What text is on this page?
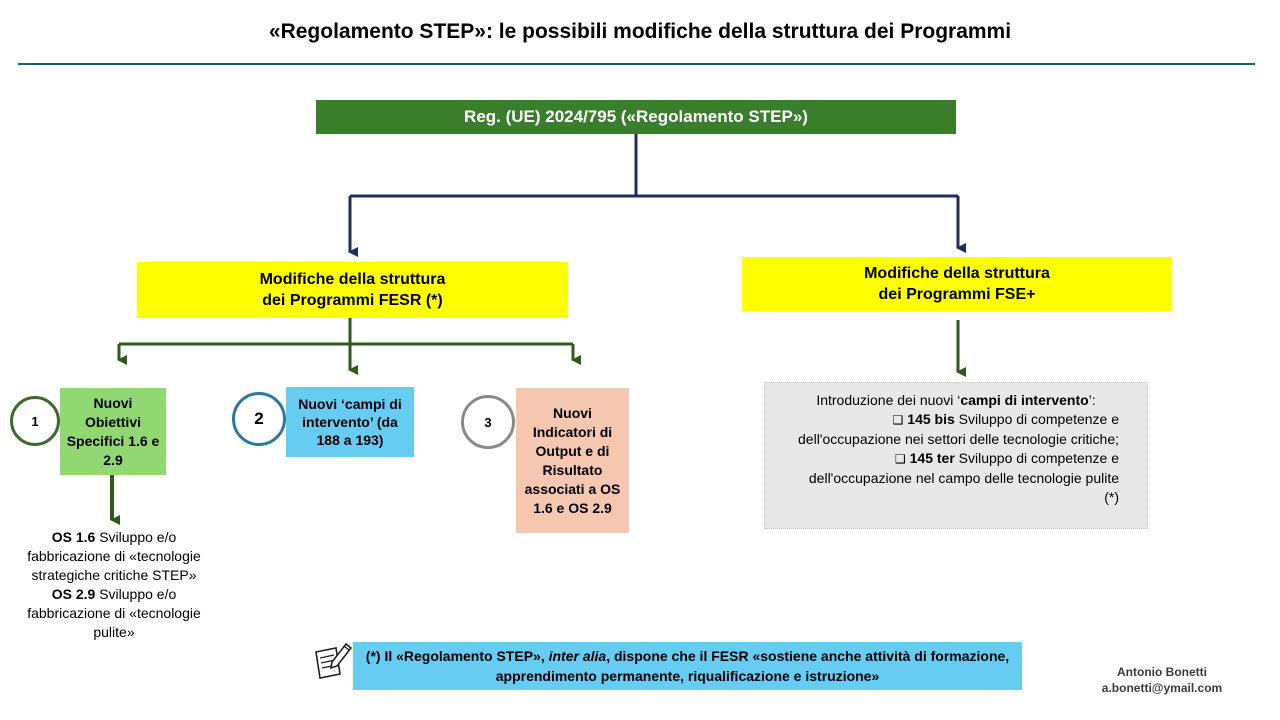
«Regolamento STEP»: le possibili modifiche della struttura dei Programmi
Reg. (UE) 2024/795 («Regolamento STEP»)
Modifiche della struttura
dei Programmi FESR (*)
Modifiche della struttura
dei Programmi FSE+
1
Nuovi Obiettivi Specifici 1.6 e 2.9
2
Nuovi ‘campi di intervento’ (da 188 a 193)
3
Nuovi Indicatori di Output e di Risultato associati a OS 1.6 e OS 2.9
OS 1.6 Sviluppo e/o fabbricazione di «tecnologie strategiche critiche STEP»
OS 2.9 Sviluppo e/o fabbricazione di «tecnologie pulite»
Introduzione dei nuovi ‘campi di intervento’:
❑ 145 bis Sviluppo di competenze e dell'occupazione nei settori delle tecnologie critiche;
❑ 145 ter Sviluppo di competenze e dell'occupazione nel campo delle tecnologie pulite (*)
(*) Il «Regolamento STEP», inter alia, dispone che il FESR «sostiene anche attività di formazione, apprendimento permanente, riqualificazione e istruzione»	Antonio Bonetti
a.bonetti@ymail.com
